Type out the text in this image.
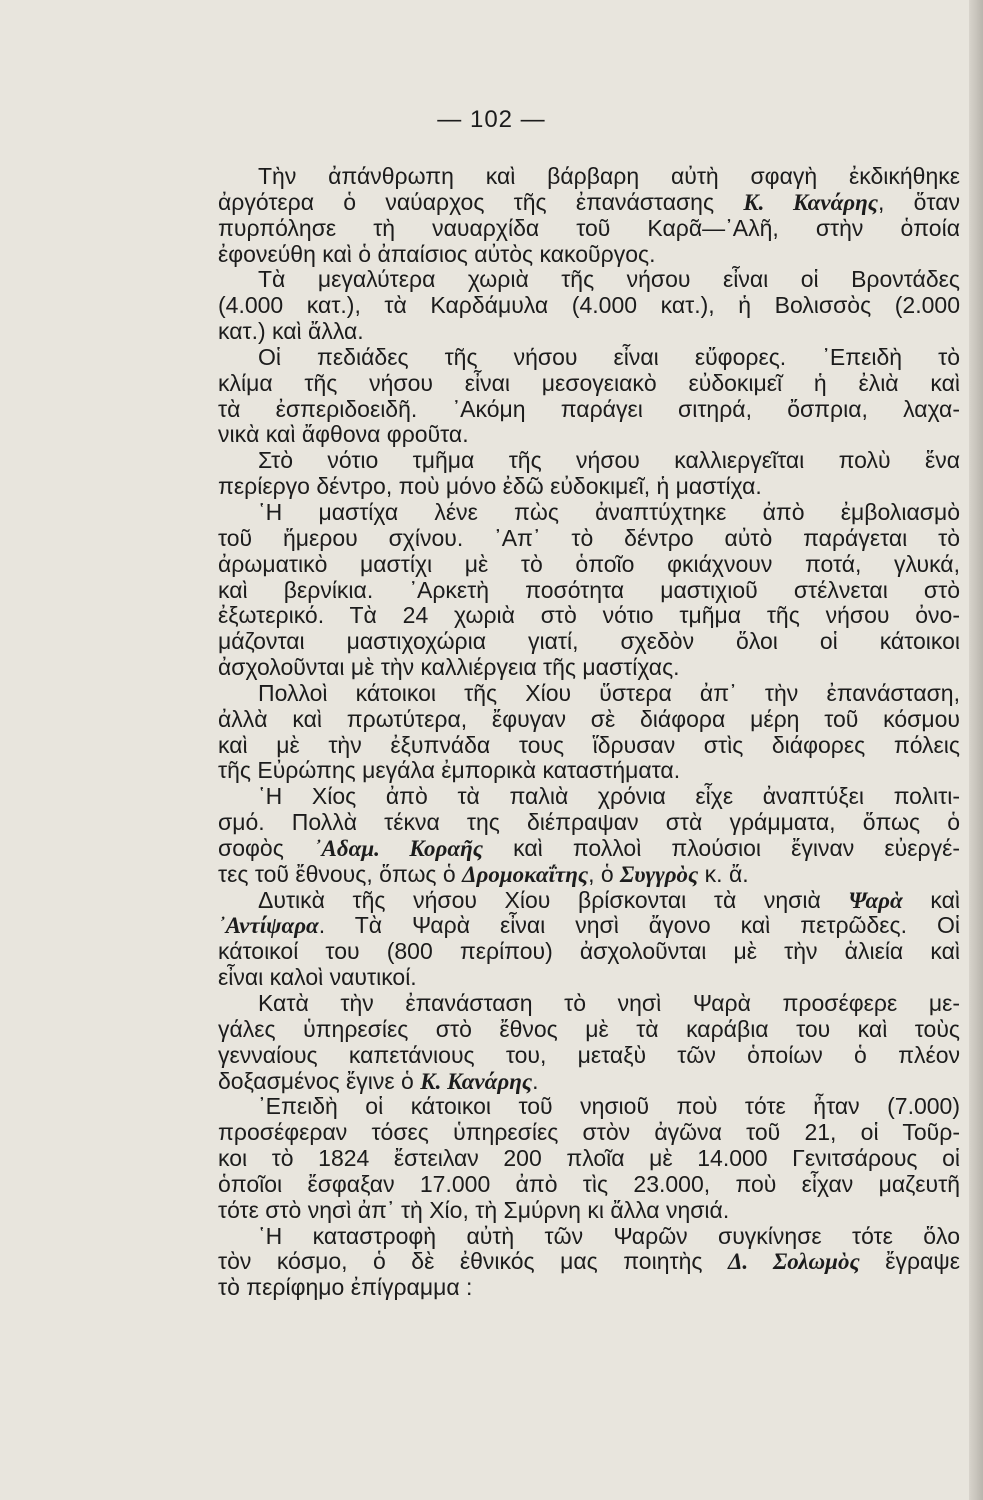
— 102 —
Τὴν ἀπάνθρωπη καὶ βάρβαρη αὐτὴ σφαγὴ ἐκδικήθηκε
ἀργότερα ὁ ναύαρχος τῆς ἐπανάστασης Κ. Κανάρης, ὅταν
πυρπόλησε τὴ ναυαρχίδα τοῦ Καρᾶ—᾿Αλῆ, στὴν ὁποία
ἐφονεύθη καὶ ὁ ἀπαίσιος αὐτὸς κακοῦργος.
Τὰ μεγαλύτερα χωριὰ τῆς νήσου εἶναι οἱ Βροντάδες
(4.000 κατ.), τὰ Καρδάμυλα (4.000 κατ.), ἡ Βολισσὸς (2.000
κατ.) καὶ ἄλλα.
Οἱ πεδιάδες τῆς νήσου εἶναι εὔφορες. ᾿Επειδὴ τὸ
κλίμα τῆς νήσου εἶναι μεσογειακὸ εὐδοκιμεῖ ἡ ἐλιὰ καὶ
τὰ ἐσπεριδοειδῆ. ᾿Ακόμη παράγει σιτηρά, ὄσπρια, λαχα-
νικὰ καὶ ἄφθονα φροῦτα.
Στὸ νότιο τμῆμα τῆς νήσου καλλιεργεῖται πολὺ ἕνα
περίεργο δέντρο, ποὺ μόνο ἐδῶ εὐδοκιμεῖ, ἡ μαστίχα.
῾Η μαστίχα λένε πὼς ἀναπτύχτηκε ἀπὸ ἐμβολιασμὸ
τοῦ ἥμερου σχίνου. ᾿Απ᾿ τὸ δέντρο αὐτὸ παράγεται τὸ
ἀρωματικὸ μαστίχι μὲ τὸ ὁποῖο φκιάχνουν ποτά, γλυκά,
καὶ βερνίκια. ᾿Αρκετὴ ποσότητα μαστιχιοῦ στέλνεται στὸ
ἐξωτερικό. Τὰ 24 χωριὰ στὸ νότιο τμῆμα τῆς νήσου ὀνο-
μάζονται μαστιχοχώρια γιατί, σχεδὸν ὅλοι οἱ κάτοικοι
ἀσχολοῦνται μὲ τὴν καλλιέργεια τῆς μαστίχας.
Πολλοὶ κάτοικοι τῆς Χίου ὕστερα ἀπ᾿ τὴν ἐπανάσταση,
ἀλλὰ καὶ πρωτύτερα, ἔφυγαν σὲ διάφορα μέρη τοῦ κόσμου
καὶ μὲ τὴν ἐξυπνάδα τους ἵδρυσαν στὶς διάφορες πόλεις
τῆς Εὐρώπης μεγάλα ἐμπορικὰ καταστήματα.
῾Η Χίος ἀπὸ τὰ παλιὰ χρόνια εἶχε ἀναπτύξει πολιτι-
σμό. Πολλὰ τέκνα της διέπραψαν στὰ γράμματα, ὅπως ὁ
σοφὸς ᾿Αδαμ. Κοραῆς καὶ πολλοὶ πλούσιοι ἔγιναν εὐεργέ-
τες τοῦ ἔθνους, ὅπως ὁ Δρομοκαΐτης, ὁ Συγγρὸς κ. ἄ.
Δυτικὰ τῆς νήσου Χίου βρίσκονται τὰ νησιὰ Ψαρὰ καὶ
᾿Αντίψαρα. Τὰ Ψαρὰ εἶναι νησὶ ἄγονο καὶ πετρῶδες. Οἱ
κάτοικοί του (800 περίπου) ἀσχολοῦνται μὲ τὴν ἁλιεία καὶ
εἶναι καλοὶ ναυτικοί.
Κατὰ τὴν ἐπανάσταση τὸ νησὶ Ψαρὰ προσέφερε με-
γάλες ὑπηρεσίες στὸ ἔθνος μὲ τὰ καράβια του καὶ τοὺς
γενναίους καπετάνιους του, μεταξὺ τῶν ὁποίων ὁ πλέον
δοξασμένος ἔγινε ὁ Κ. Κανάρης.
᾿Επειδὴ οἱ κάτοικοι τοῦ νησιοῦ ποὺ τότε ἦταν (7.000)
προσέφεραν τόσες ὑπηρεσίες στὸν ἀγῶνα τοῦ 21, οἱ Τοῦρ-
κοι τὸ 1824 ἔστειλαν 200 πλοῖα μὲ 14.000 Γενιτσάρους οἱ
ὁποῖοι ἔσφαξαν 17.000 ἀπὸ τὶς 23.000, ποὺ εἶχαν μαζευτῆ
τότε στὸ νησὶ ἀπ᾿ τὴ Χίο, τὴ Σμύρνη κι ἄλλα νησιά.
῾Η καταστροφὴ αὐτὴ τῶν Ψαρῶν συγκίνησε τότε ὅλο
τὸν κόσμο, ὁ δὲ ἐθνικός μας ποιητὴς Δ. Σολωμὸς ἔγραψε
τὸ περίφημο ἐπίγραμμα :
